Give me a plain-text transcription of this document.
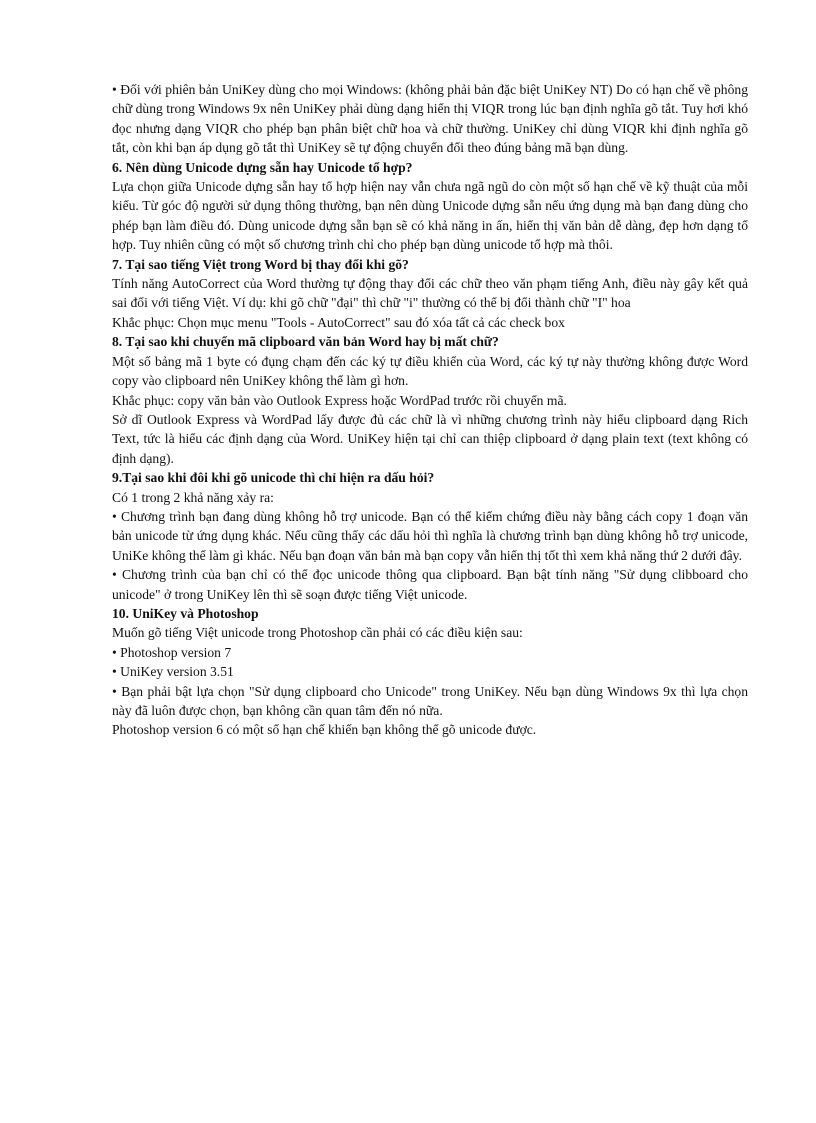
• Đối với phiên bản UniKey dùng cho mọi Windows: (không phải bản đặc biệt UniKey NT) Do có hạn chế về phông chữ dùng trong Windows 9x nên UniKey phải dùng dạng hiển thị VIQR trong lúc bạn định nghĩa gõ tắt. Tuy hơi khó đọc nhưng dạng VIQR cho phép bạn phân biệt chữ hoa và chữ thường. UniKey chỉ dùng VIQR khi định nghĩa gõ tắt, còn khi bạn áp dụng gõ tắt thì UniKey sẽ tự động chuyển đổi theo đúng bảng mã bạn dùng.

6. Nên dùng Unicode dựng sẵn hay Unicode tổ hợp?

Lựa chọn giữa Unicode dựng sẵn hay tổ hợp hiện nay vẫn chưa ngã ngũ do còn một số hạn chế về kỹ thuật của mỗi kiểu. Từ góc độ người sử dụng thông thường, bạn nên dùng Unicode dựng sẵn nếu ứng dụng mà bạn đang dùng cho phép bạn làm điều đó. Dùng unicode dựng sẵn bạn sẽ có khả năng in ấn, hiển thị văn bản dễ dàng, đẹp hơn dạng tổ hợp. Tuy nhiên cũng có một số chương trình chỉ cho phép bạn dùng unicode tổ hợp mà thôi.

7. Tại sao tiếng Việt trong Word bị thay đổi khi gõ?

Tính năng AutoCorrect của Word thường tự động thay đổi các chữ theo văn phạm tiếng Anh, điều này gây kết quả sai đối với tiếng Việt. Ví dụ: khi gõ chữ "đại" thì chữ "i" thường có thể bị đổi thành chữ "I" hoa

Khắc phục: Chọn mục menu "Tools - AutoCorrect" sau đó xóa tất cả các check box

8. Tại sao khi chuyển mã clipboard văn bản Word hay bị mất chữ?

Một số bảng mã 1 byte có đụng chạm đến các ký tự điều khiển của Word, các ký tự này thường không được Word copy vào clipboard nên UniKey không thể làm gì hơn.

Khắc phục: copy văn bản vào Outlook Express hoặc WordPad trước rồi chuyển mã.

Sở dĩ Outlook Express và WordPad lấy được đủ các chữ là vì những chương trình này hiểu clipboard dạng Rich Text, tức là hiểu các định dạng của Word. UniKey hiện tại chỉ can thiệp clipboard ở dạng plain text (text không có định dạng).

9.Tại sao khi đôi khi gõ unicode thì chỉ hiện ra dấu hỏi?

Có 1 trong 2 khả năng xảy ra:

• Chương trình bạn đang dùng không hỗ trợ unicode. Bạn có thể kiểm chứng điều này bằng cách copy 1 đoạn văn bản unicode từ ứng dụng khác. Nếu cũng thấy các dấu hỏi thì nghĩa là chương trình bạn dùng không hỗ trợ unicode, UniKe không thể làm gì khác. Nếu bạn đoạn văn bản mà bạn copy vẫn hiển thị tốt thì xem khả năng thứ 2 dưới đây.

• Chương trình của bạn chỉ có thể đọc unicode thông qua clipboard. Bạn bật tính năng "Sử dụng clibboard cho unicode" ở trong UniKey lên thì sẽ soạn được tiếng Việt unicode.

10. UniKey và Photoshop

Muốn gõ tiếng Việt unicode trong Photoshop cần phải có các điều kiện sau:

• Photoshop version 7

• UniKey version 3.51

• Bạn phải bật lựa chọn "Sử dụng clipboard cho Unicode" trong UniKey. Nếu bạn dùng Windows 9x thì lựa chọn này đã luôn được chọn, bạn không cần quan tâm đến nó nữa.

Photoshop version 6 có một số hạn chế khiến bạn không thể gõ unicode được.
